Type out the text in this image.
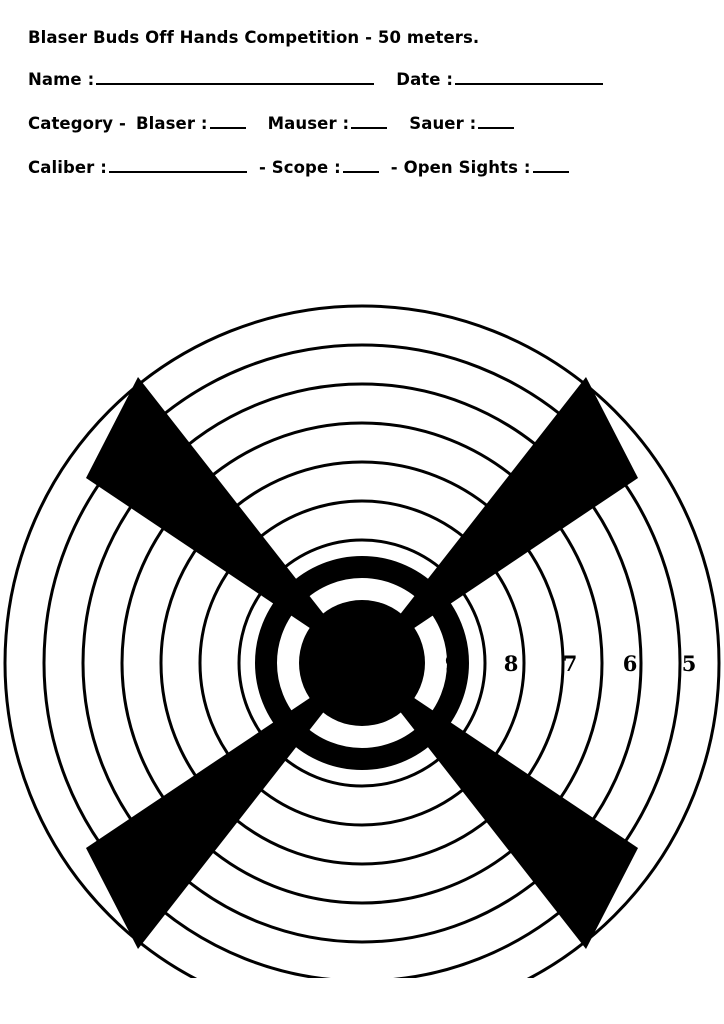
Blaser Buds Off Hands Competition - 50 meters.
Name :	Date :
Category - Blaser :	Mauser :	Sauer :
Caliber :	- Scope :	- Open Sights :
9 8 7 6 5
